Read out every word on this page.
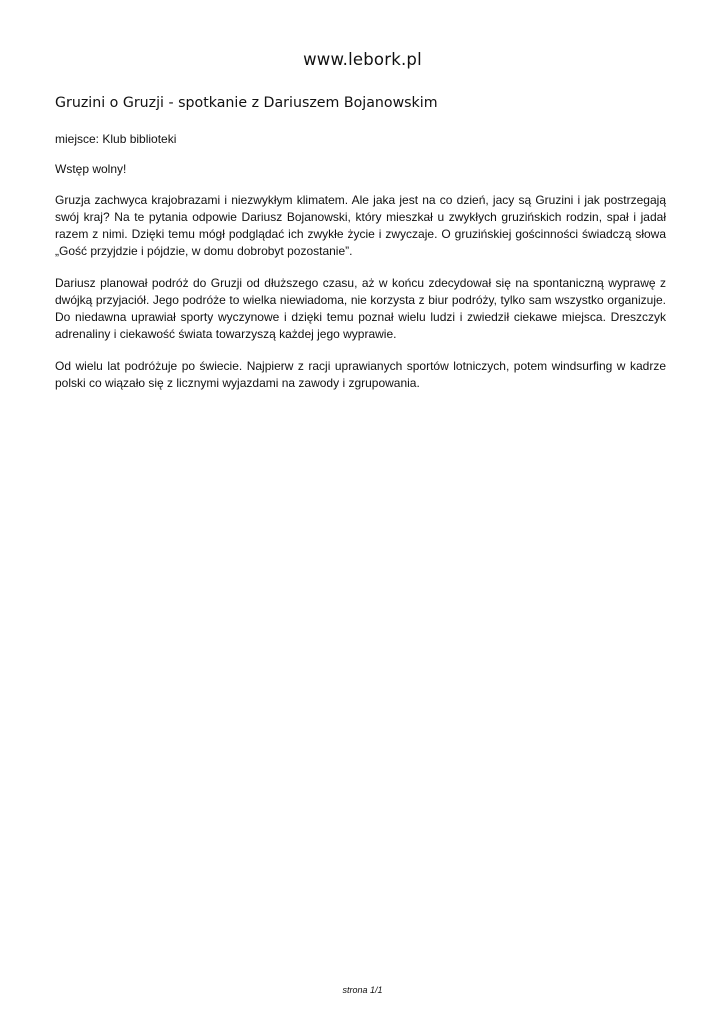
www.lebork.pl
Gruzini o Gruzji - spotkanie z Dariuszem Bojanowskim

miejsce: Klub biblioteki

Wstęp wolny!

Gruzja zachwyca krajobrazami i niezwykłym klimatem. Ale jaka jest na co dzień, jacy są Gruzini i jak postrzegają swój kraj? Na te pytania odpowie Dariusz Bojanowski, który mieszkał u zwykłych gruzińskich rodzin, spał i jadał razem z nimi. Dzięki temu mógł podglądać ich zwykłe życie i zwyczaje. O gruzińskiej gościnności świadczą słowa „Gość przyjdzie i pójdzie, w domu dobrobyt pozostanie”.

Dariusz planował podróż do Gruzji od dłuższego czasu, aż w końcu zdecydował się na spontaniczną wyprawę z dwójką przyjaciół. Jego podróże to wielka niewiadoma, nie korzysta z biur podróży, tylko sam wszystko organizuje. Do niedawna uprawiał sporty wyczynowe i dzięki temu poznał wielu ludzi i zwiedził ciekawe miejsca. Dreszczyk adrenaliny i ciekawość świata towarzyszą każdej jego wyprawie.

Od wielu lat podróżuje po świecie. Najpierw z racji uprawianych sportów lotniczych, potem windsurfing w kadrze polski co wiązało się z licznymi wyjazdami na zawody i zgrupowania.

strona 1/1
